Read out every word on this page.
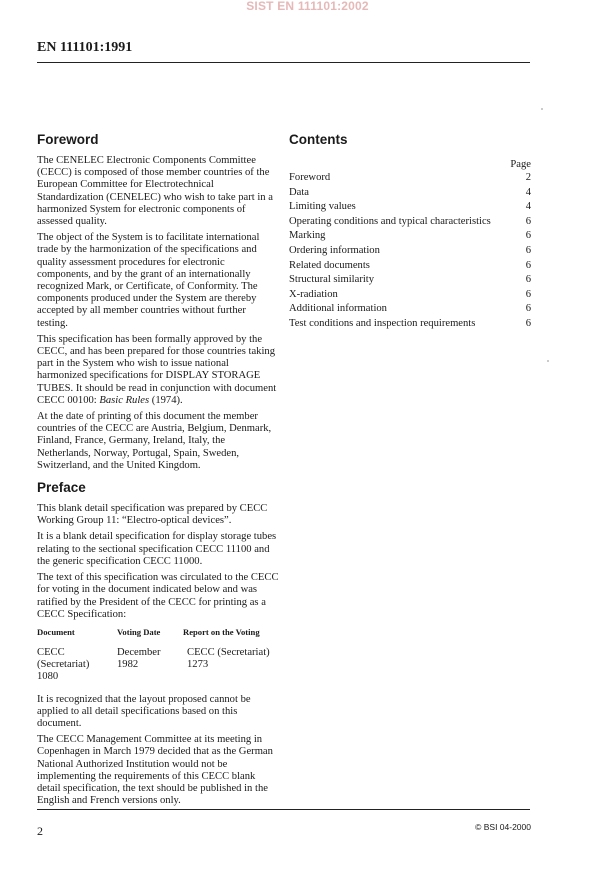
SIST EN 111101:2002
EN 111101:1991
Foreword

The CENELEC Electronic Components Committee (CECC) is composed of those member countries of the European Committee for Electrotechnical Standardization (CENELEC) who wish to take part in a harmonized System for electronic components of assessed quality.

The object of the System is to facilitate international trade by the harmonization of the specifications and quality assessment procedures for electronic components, and by the grant of an internationally recognized Mark, or Certificate, of Conformity. The components produced under the System are thereby accepted by all member countries without further testing.

This specification has been formally approved by the CECC, and has been prepared for those countries taking part in the System who wish to issue national harmonized specifications for DISPLAY STORAGE TUBES. It should be read in conjunction with document CECC 00100: Basic Rules (1974).

At the date of printing of this document the member countries of the CECC are Austria, Belgium, Denmark, Finland, France, Germany, Ireland, Italy, the Netherlands, Norway, Portugal, Spain, Sweden, Switzerland, and the United Kingdom.

Preface

This blank detail specification was prepared by CECC Working Group 11: “Electro-optical devices”.

It is a blank detail specification for display storage tubes relating to the sectional specification CECC 11100 and the generic specification CECC 11000.

The text of this specification was circulated to the CECC for voting in the document indicated below and was ratified by the President of the CECC for printing as a CECC Specification:

Document	Voting Date	Report on the Voting
CECC (Secretariat) 1080	December 1982	CECC (Secretariat) 1273

It is recognized that the layout proposed cannot be applied to all detail specifications based on this document.

The CECC Management Committee at its meeting in Copenhagen in March 1979 decided that as the German National Authorized Institution would not be implementing the requirements of this CECC blank detail specification, the text should be published in the English and French versions only.

Contents
Page
Foreword	2
Data	4
Limiting values	4
Operating conditions and typical characteristics	6
Marking	6
Ordering information	6
Related documents	6
Structural similarity	6
X-radiation	6
Additional information	6
Test conditions and inspection requirements	6
2	© BSI 04-2000
